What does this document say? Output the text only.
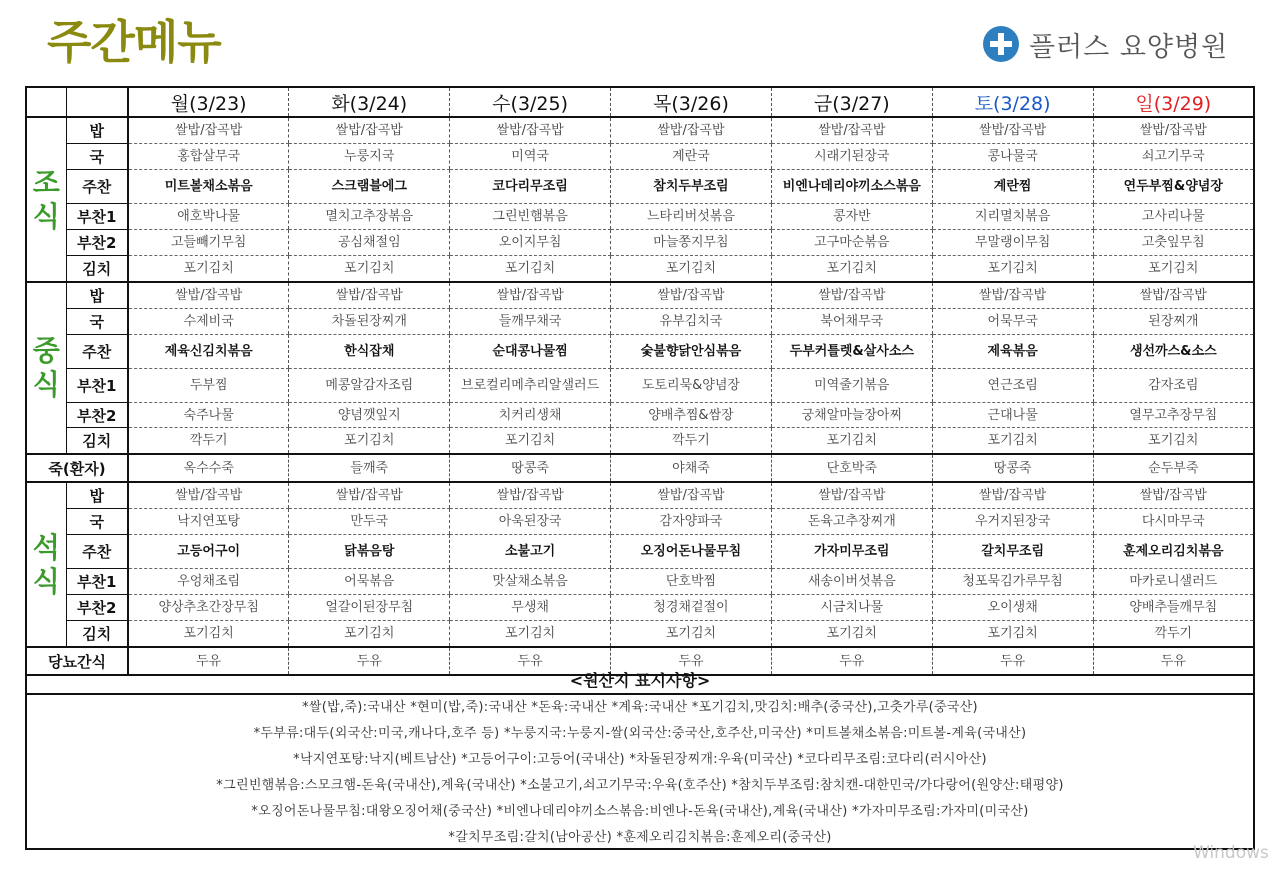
주간메뉴	플러스 요양병원
		월(3/23)	화(3/24)	수(3/25)	목(3/26)	금(3/27)	토(3/28)	일(3/29)

조
식	밥	쌀밥/잡곡밥	쌀밥/잡곡밥	쌀밥/잡곡밥	쌀밥/잡곡밥	쌀밥/잡곡밥	쌀밥/잡곡밥	쌀밥/잡곡밥
	국	홍합살무국	누룽지국	미역국	계란국	시래기된장국	콩나물국	쇠고기무국
	주찬	미트볼채소볶음	스크램블에그	코다리무조림	참치두부조림	비엔나데리야끼소스볶음	계란찜	연두부찜&양념장
	부찬1	애호박나물	멸치고추장볶음	그린빈햄볶음	느타리버섯볶음	콩자반	지리멸치볶음	고사리나물
	부찬2	고들빼기무침	공심채절임	오이지무침	마늘쫑지무침	고구마순볶음	무말랭이무침	고춧잎무침
	김치	포기김치	포기김치	포기김치	포기김치	포기김치	포기김치	포기김치

중
식	밥	쌀밥/잡곡밥	쌀밥/잡곡밥	쌀밥/잡곡밥	쌀밥/잡곡밥	쌀밥/잡곡밥	쌀밥/잡곡밥	쌀밥/잡곡밥
	국	수제비국	차돌된장찌개	들깨무채국	유부김치국	북어채무국	어묵무국	된장찌개
	주찬	제육신김치볶음	한식잡채	순대콩나물찜	숯불향닭안심볶음	두부커틀렛&살사소스	제육볶음	생선까스&소스
	부찬1	두부찜	메콩알감자조림	브로컬리메추리알샐러드	도토리묵&양념장	미역줄기볶음	연근조림	감자조림
	부찬2	숙주나물	양념깻잎지	치커리생채	양배추찜&쌈장	궁채알마늘장아찌	근대나물	열무고추장무침
	김치	깍두기	포기김치	포기김치	깍두기	포기김치	포기김치	포기김치
죽(환자)		옥수수죽	들깨죽	땅콩죽	야채죽	단호박죽	땅콩죽	순두부죽

석
식	밥	쌀밥/잡곡밥	쌀밥/잡곡밥	쌀밥/잡곡밥	쌀밥/잡곡밥	쌀밥/잡곡밥	쌀밥/잡곡밥	쌀밥/잡곡밥
	국	낙지연포탕	만두국	아욱된장국	감자양파국	돈육고추장찌개	우거지된장국	다시마무국
	주찬	고등어구이	닭볶음탕	소불고기	오징어돈나물무침	가자미무조림	갈치무조림	훈제오리김치볶음
	부찬1	우엉채조림	어묵볶음	맛살채소볶음	단호박찜	새송이버섯볶음	청포묵김가루무침	마카로니샐러드
	부찬2	양상추초간장무침	얼갈이된장무침	무생채	청경채겉절이	시금치나물	오이생채	양배추들깨무침
	김치	포기김치	포기김치	포기김치	포기김치	포기김치	포기김치	깍두기
당뇨간식		두유	두유	두유	두유	두유	두유	두유
<원산지 표시사항>
*쌀(밥,죽):국내산 *현미(밥,죽):국내산 *돈육:국내산 *계육:국내산 *포기김치,맛김치:배추(중국산),고춧가루(중국산)
*두부류:대두(외국산:미국,캐나다,호주 등) *누룽지국:누룽지-쌀(외국산:중국산,호주산,미국산) *미트볼채소볶음:미트볼-계육(국내산)
*낙지연포탕:낙지(베트남산) *고등어구이:고등어(국내산) *차돌된장찌개:우육(미국산) *코다리무조림:코다리(러시아산)
*그린빈햄볶음:스모크햄-돈육(국내산),계육(국내산) *소불고기,쇠고기무국:우육(호주산) *참치두부조림:참치캔-대한민국/가다랑어(원양산:태평양)
*오징어돈나물무침:대왕오징어채(중국산) *비엔나데리야끼소스볶음:비엔나-돈육(국내산),계육(국내산) *가자미무조림:가자미(미국산)
*갈치무조림:갈치(남아공산) *훈제오리김치볶음:훈제오리(중국산)
Windows
